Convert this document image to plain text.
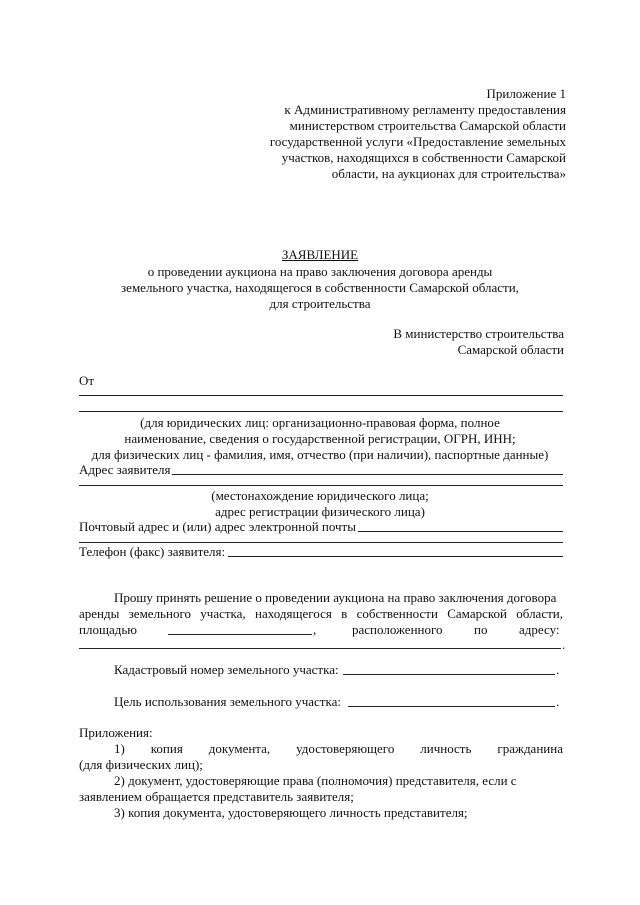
Приложение 1
к Административному регламенту предоставления
министерством строительства Самарской области
государственной услуги «Предоставление земельных
участков, находящихся в собственности Самарской
области, на аукционах для строительства»
ЗАЯВЛЕНИЕ
о проведении аукциона на право заключения договора аренды
земельного участка, находящегося в собственности Самарской области,
для строительства
В министерство строительства
Самарской области
От
(для юридических лиц: организационно-правовая форма, полное
наименование, сведения о государственной регистрации, ОГРН, ИНН;
для физических лиц - фамилия, имя, отчество (при наличии), паспортные данные)
Адрес заявителя
(местонахождение юридического лица;
адрес регистрации физического лица)
Почтовый адрес и (или) адрес электронной почты
Телефон (факс) заявителя:
Прошу принять решение о проведении аукциона на право заключения договора
аренды земельного участка, находящегося в собственности Самарской области,
площадью	,	расположенного по адресу:
.
Кадастровый номер земельного участка:	.
Цель использования земельного участка:	.
Приложения:
1) копия документа, удостоверяющего личность гражданина
(для физических лиц);
2) документ, удостоверяющие права (полномочия) представителя, если с
заявлением обращается представитель заявителя;
3) копия документа, удостоверяющего личность представителя;
